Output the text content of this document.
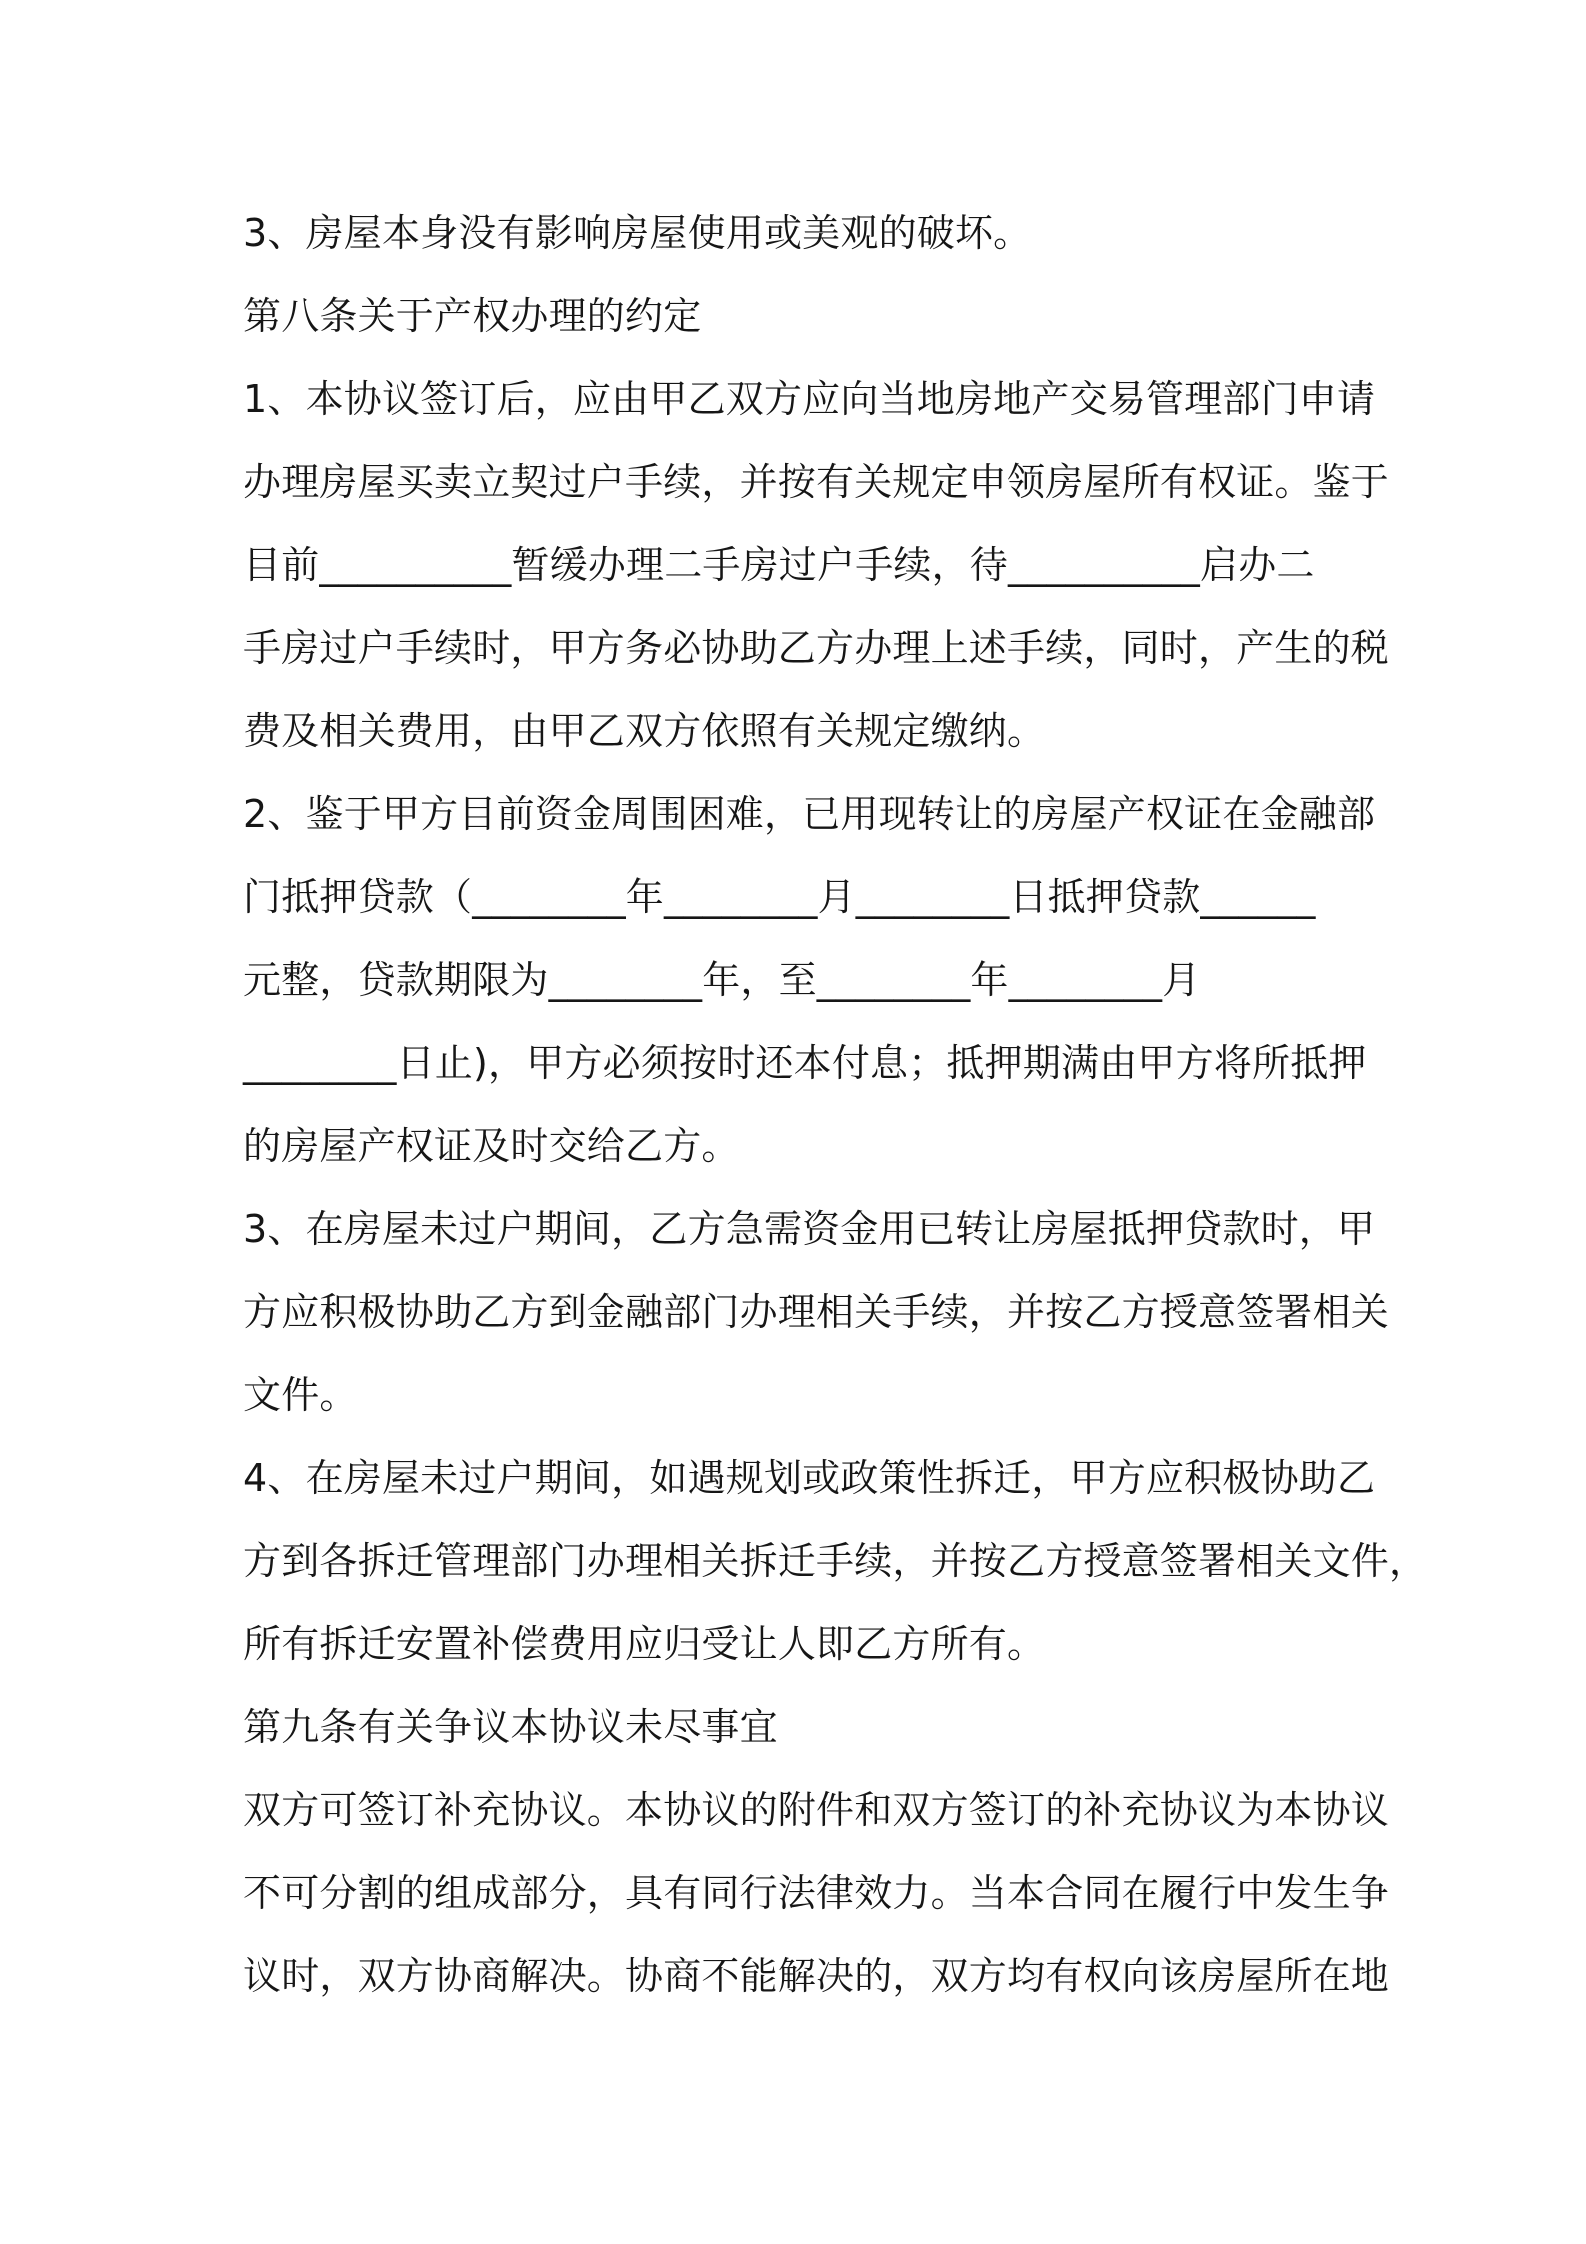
3、房屋本身没有影响房屋使用或美观的破坏。
第八条关于产权办理的约定
1、本协议签订后，应由甲乙双方应向当地房地产交易管理部门申请
办理房屋买卖立契过户手续，并按有关规定申领房屋所有权证。鉴于
目前__________暂缓办理二手房过户手续，待__________启办二
手房过户手续时，甲方务必协助乙方办理上述手续，同时，产生的税
费及相关费用，由甲乙双方依照有关规定缴纳。
2、鉴于甲方目前资金周围困难，已用现转让的房屋产权证在金融部
门抵押贷款（________年________月________日抵押贷款______
元整，贷款期限为________年，至________年________月
________日止)，甲方必须按时还本付息；抵押期满由甲方将所抵押
的房屋产权证及时交给乙方。
3、在房屋未过户期间，乙方急需资金用已转让房屋抵押贷款时，甲
方应积极协助乙方到金融部门办理相关手续，并按乙方授意签署相关
文件。
4、在房屋未过户期间，如遇规划或政策性拆迁，甲方应积极协助乙
方到各拆迁管理部门办理相关拆迁手续，并按乙方授意签署相关文件，
所有拆迁安置补偿费用应归受让人即乙方所有。
第九条有关争议本协议未尽事宜
双方可签订补充协议。本协议的附件和双方签订的补充协议为本协议
不可分割的组成部分，具有同行法律效力。当本合同在履行中发生争
议时，双方协商解决。协商不能解决的，双方均有权向该房屋所在地
